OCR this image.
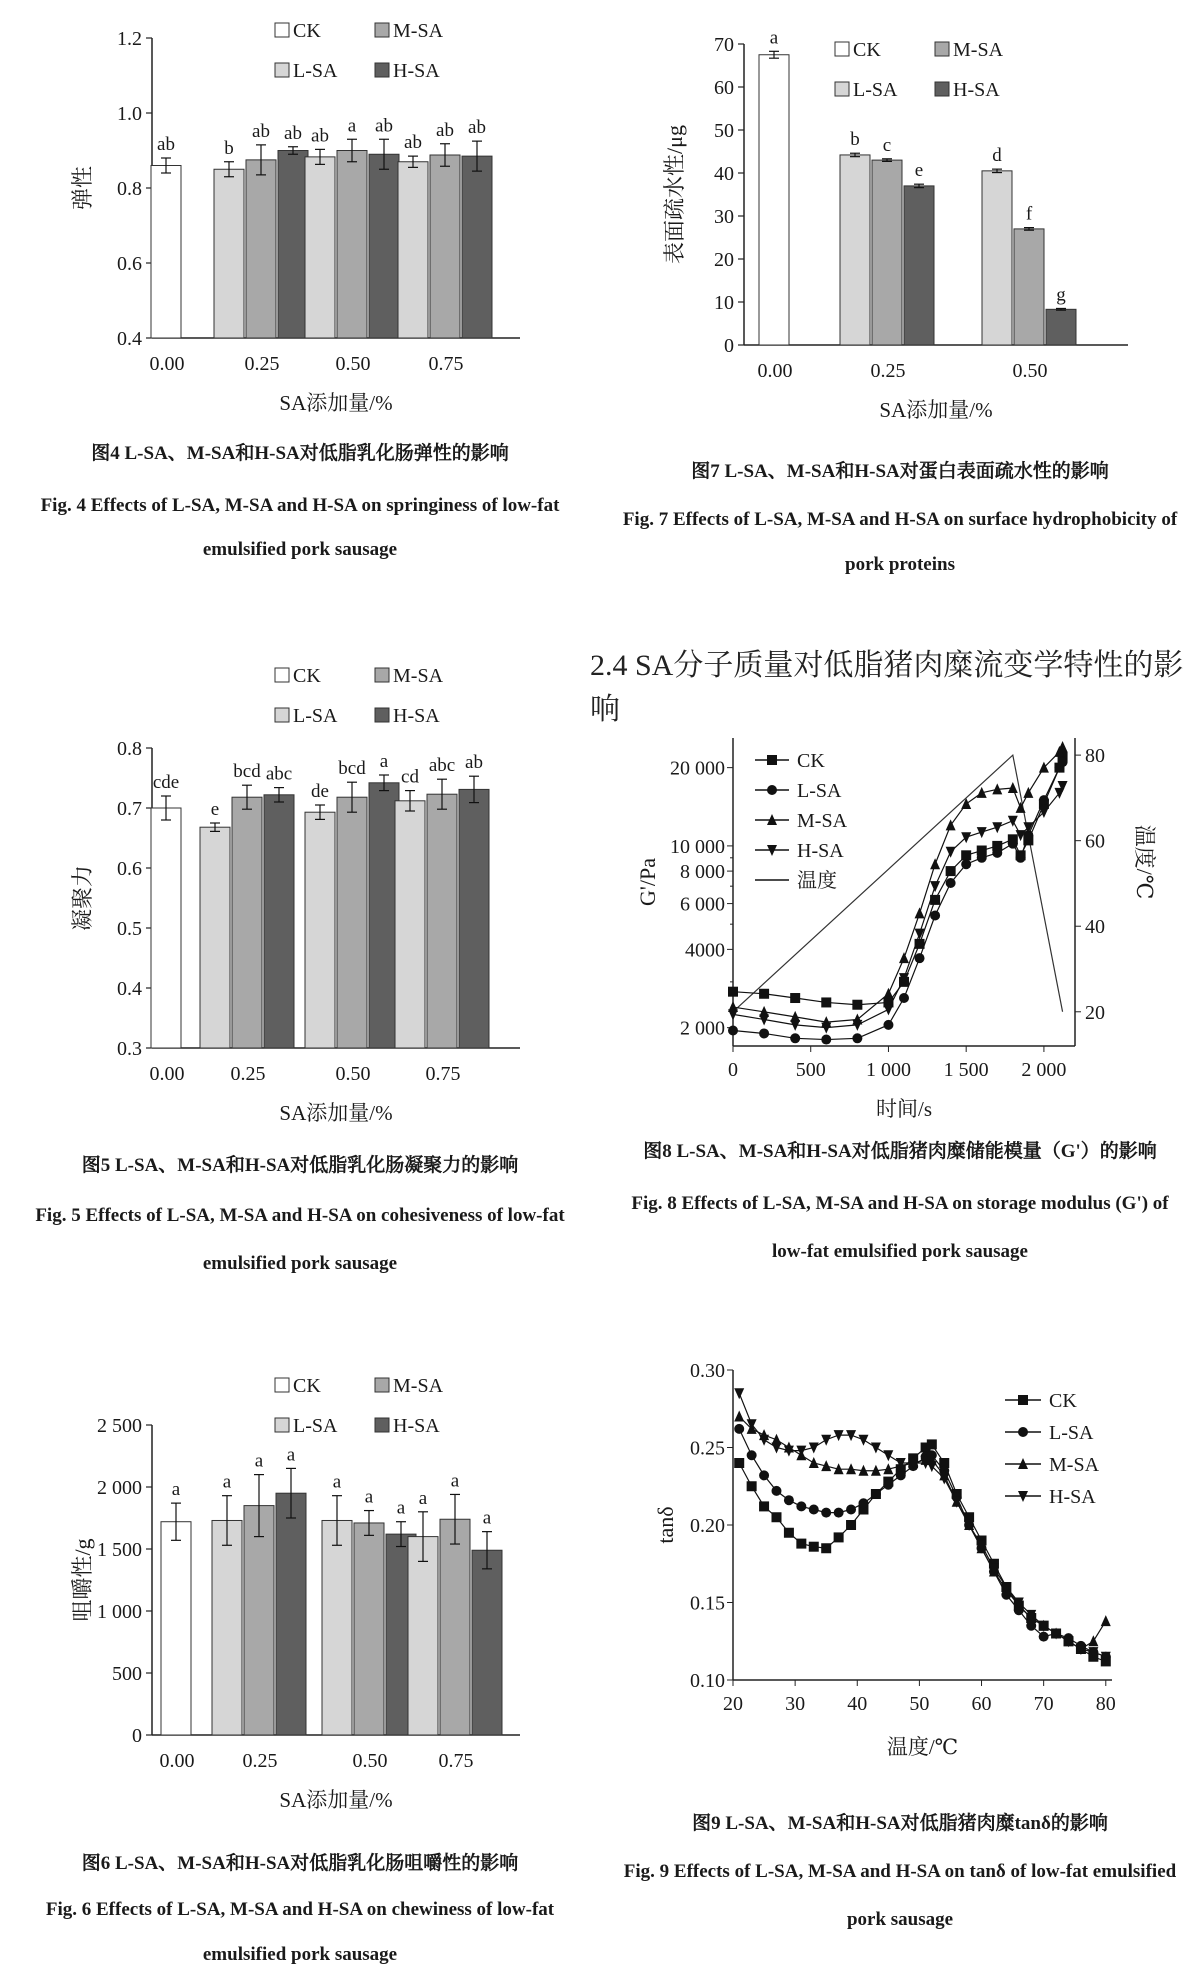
0.4
0.6
0.8
1.0
1.2
ab
0.00
b
ab ab
0.25
ab a ab
0.50
ab
ab ab
0.75
SA添加量/%
弹性
CK	M-SA
L-SA	H-SA
0.3
0.4
0.5
0.6
0.7
0.8
cde
0.00
e
bcd abc
0.25
de
bcd a
0.50
cd
abc ab
0.75
SA添加量/%
凝聚力
CK	M-SA
L-SA	H-SA
0
500
1 000
1 500
2 000
2 500
a
0.00
a
a a
0.25
a
a
a
0.50
a
a
a
0.75
SA添加量/%
咀嚼性/g
CK	M-SA
L-SA	H-SA
0
10
20
30
40
50
60
70 a
0.00
b c
e
0.25
d
f
g
0.50
SA添加量/%
表面疏水性/μg
CK	M-SA
L-SA	H-SA
2 000
4000
6 000
8 000
10 000
20 000
20
40
60
80
0	500 1 000 1 500 2 000
时间/s
G'/Pa	温度/℃
CK
L-SA
M-SA
H-SA
温度
0.10
0.15
0.20
0.25
0.30
20 30 40 50 60 70 80
温度/℃
tanδ
CK
L-SA
M-SA
H-SA
2.4 SA分子质量对低脂猪肉糜流变学特性的影响
图4 L-SA、M-SA和H-SA对低脂乳化肠弹性的影响
Fig. 4 Effects of L-SA, M-SA and H-SA on springiness of low-fat
emulsified pork sausage
图7 L-SA、M-SA和H-SA对蛋白表面疏水性的影响
Fig. 7 Effects of L-SA, M-SA and H-SA on surface hydrophobicity of
pork proteins
图5 L-SA、M-SA和H-SA对低脂乳化肠凝聚力的影响
Fig. 5 Effects of L-SA, M-SA and H-SA on cohesiveness of low-fat
emulsified pork sausage
图8 L-SA、M-SA和H-SA对低脂猪肉糜储能模量（G'）的影响
Fig. 8 Effects of L-SA, M-SA and H-SA on storage modulus (G') of
low-fat emulsified pork sausage
图6 L-SA、M-SA和H-SA对低脂乳化肠咀嚼性的影响
Fig. 6 Effects of L-SA, M-SA and H-SA on chewiness of low-fat
emulsified pork sausage
图9 L-SA、M-SA和H-SA对低脂猪肉糜tanδ的影响
Fig. 9 Effects of L-SA, M-SA and H-SA on tanδ of low-fat emulsified
pork sausage
